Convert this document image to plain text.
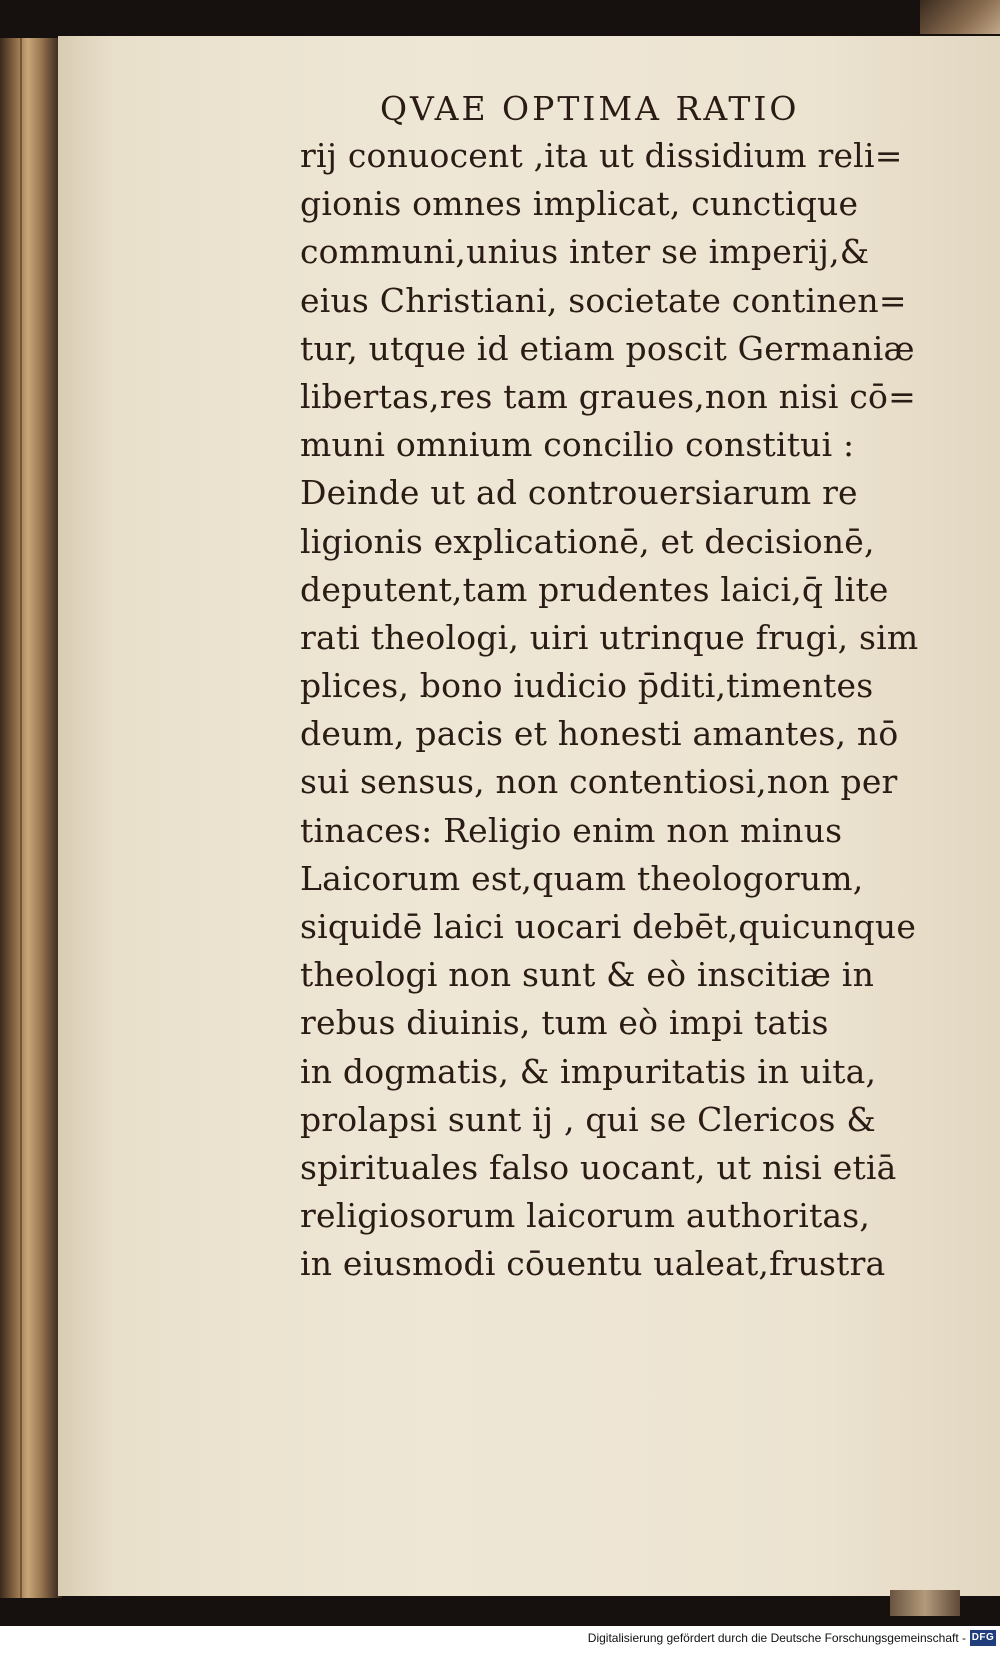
QVAE OPTIMA RATIO
rij conuocent ,ita ut dissidium reli=
gionis omnes implicat, cunctique
communi,unius inter se imperij,&
eius Christiani, societate continen=
tur, utque id etiam poscit Germaniæ
libertas,res tam graues,non nisi cō=
muni omnium concilio constitui :
Deinde ut ad controuersiarum re
ligionis explicationē, et decisionē,
deputent,tam prudentes laici,q̄ lite
rati theologi, uiri utrinque frugi, sim
plices, bono iudicio p̄diti,timentes
deum, pacis et honesti amantes, nō
sui sensus, non contentiosi,non per
tinaces: Religio enim non minus
Laicorum est,quam theologorum,
siquidē laici uocari debēt,quicunque
theologi non sunt & eò inscitiæ in
rebus diuinis, tum eò impi tatis
in dogmatis, & impuritatis in uita,
prolapsi sunt ij , qui se Clericos &
spirituales falso uocant, ut nisi etiā
religiosorum laicorum authoritas,
in eiusmodi cōuentu ualeat,frustra
Digitalisierung gefördert durch die Deutsche Forschungsgemeinschaft - DFG
